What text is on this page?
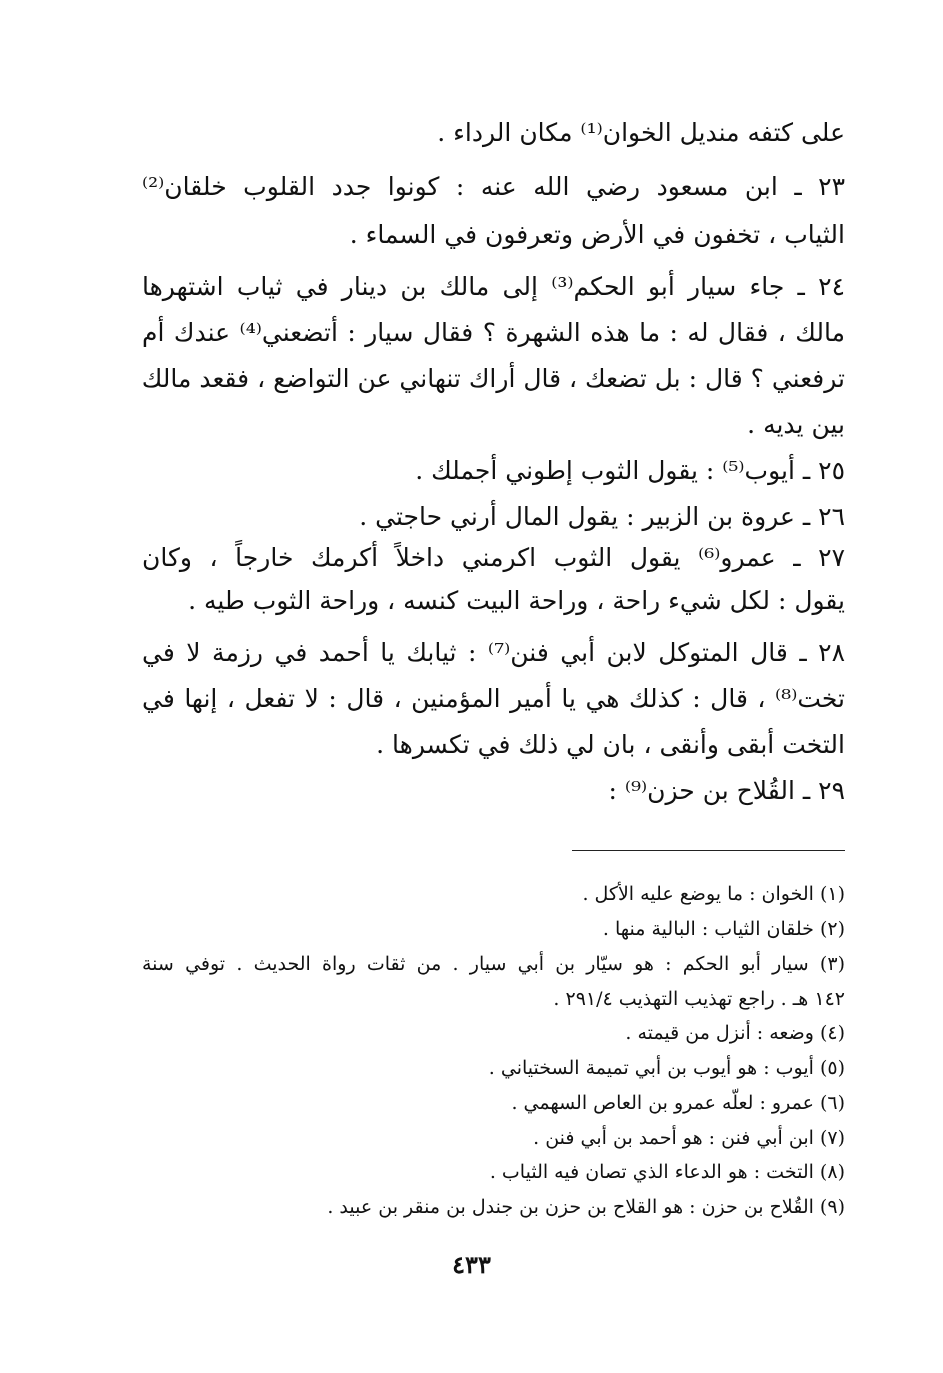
على كتفه منديل الخوان⁽¹⁾ مكان الرداء .
٢٣ ـ ابن مسعود رضي الله عنه : كونوا جدد القلوب خلقان⁽²⁾
الثياب ، تخفون في الأرض وتعرفون في السماء .
٢٤ ـ جاء سيار أبو الحكم⁽³⁾ إلى مالك بن دينار في ثياب اشتهرها
مالك ، فقال له : ما هذه الشهرة ؟ فقال سيار : أتضعني⁽⁴⁾ عندك أم
ترفعني ؟ قال : بل تضعك ، قال أراك تنهاني عن التواضع ، فقعد مالك
بين يديه .
٢٥ ـ أيوب⁽⁵⁾ : يقول الثوب إطوني أجملك .
٢٦ ـ عروة بن الزبير : يقول المال أرني حاجتي .
٢٧ ـ عمرو⁽⁶⁾ يقول الثوب اكرمني داخلاً أكرمك خارجاً ، وكان
يقول : لكل شيء راحة ، وراحة البيت كنسه ، وراحة الثوب طيه .
٢٨ ـ قال المتوكل لابن أبي فنن⁽⁷⁾ : ثيابك يا أحمد في رزمة لا في
تخت⁽⁸⁾ ، قال : كذلك هي يا أمير المؤمنين ، قال : لا تفعل ، إنها في
التخت أبقى وأنقى ، بان لي ذلك في تكسرها .
٢٩ ـ القُلاح بن حزن⁽⁹⁾ :
(١) الخوان : ما يوضع عليه الأكل .
(٢) خلقان الثياب : البالية منها .
(٣) سيار أبو الحكم : هو سيّار بن أبي سيار . من ثقات رواة الحديث . توفي سنة
١٤٢ هـ . راجع تهذيب التهذيب ٢٩١/٤ .
(٤) وضعه : أنزل من قيمته .
(٥) أيوب : هو أيوب بن أبي تميمة السختياني .
(٦) عمرو : لعلّه عمرو بن العاص السهمي .
(٧) ابن أبي فنن : هو أحمد بن أبي فنن .
(٨) التخت : هو الدعاء الذي تصان فيه الثياب .
(٩) القُلاح بن حزن : هو القلاح بن حزن بن جندل بن منقر بن عبيد .
٤٣٣
